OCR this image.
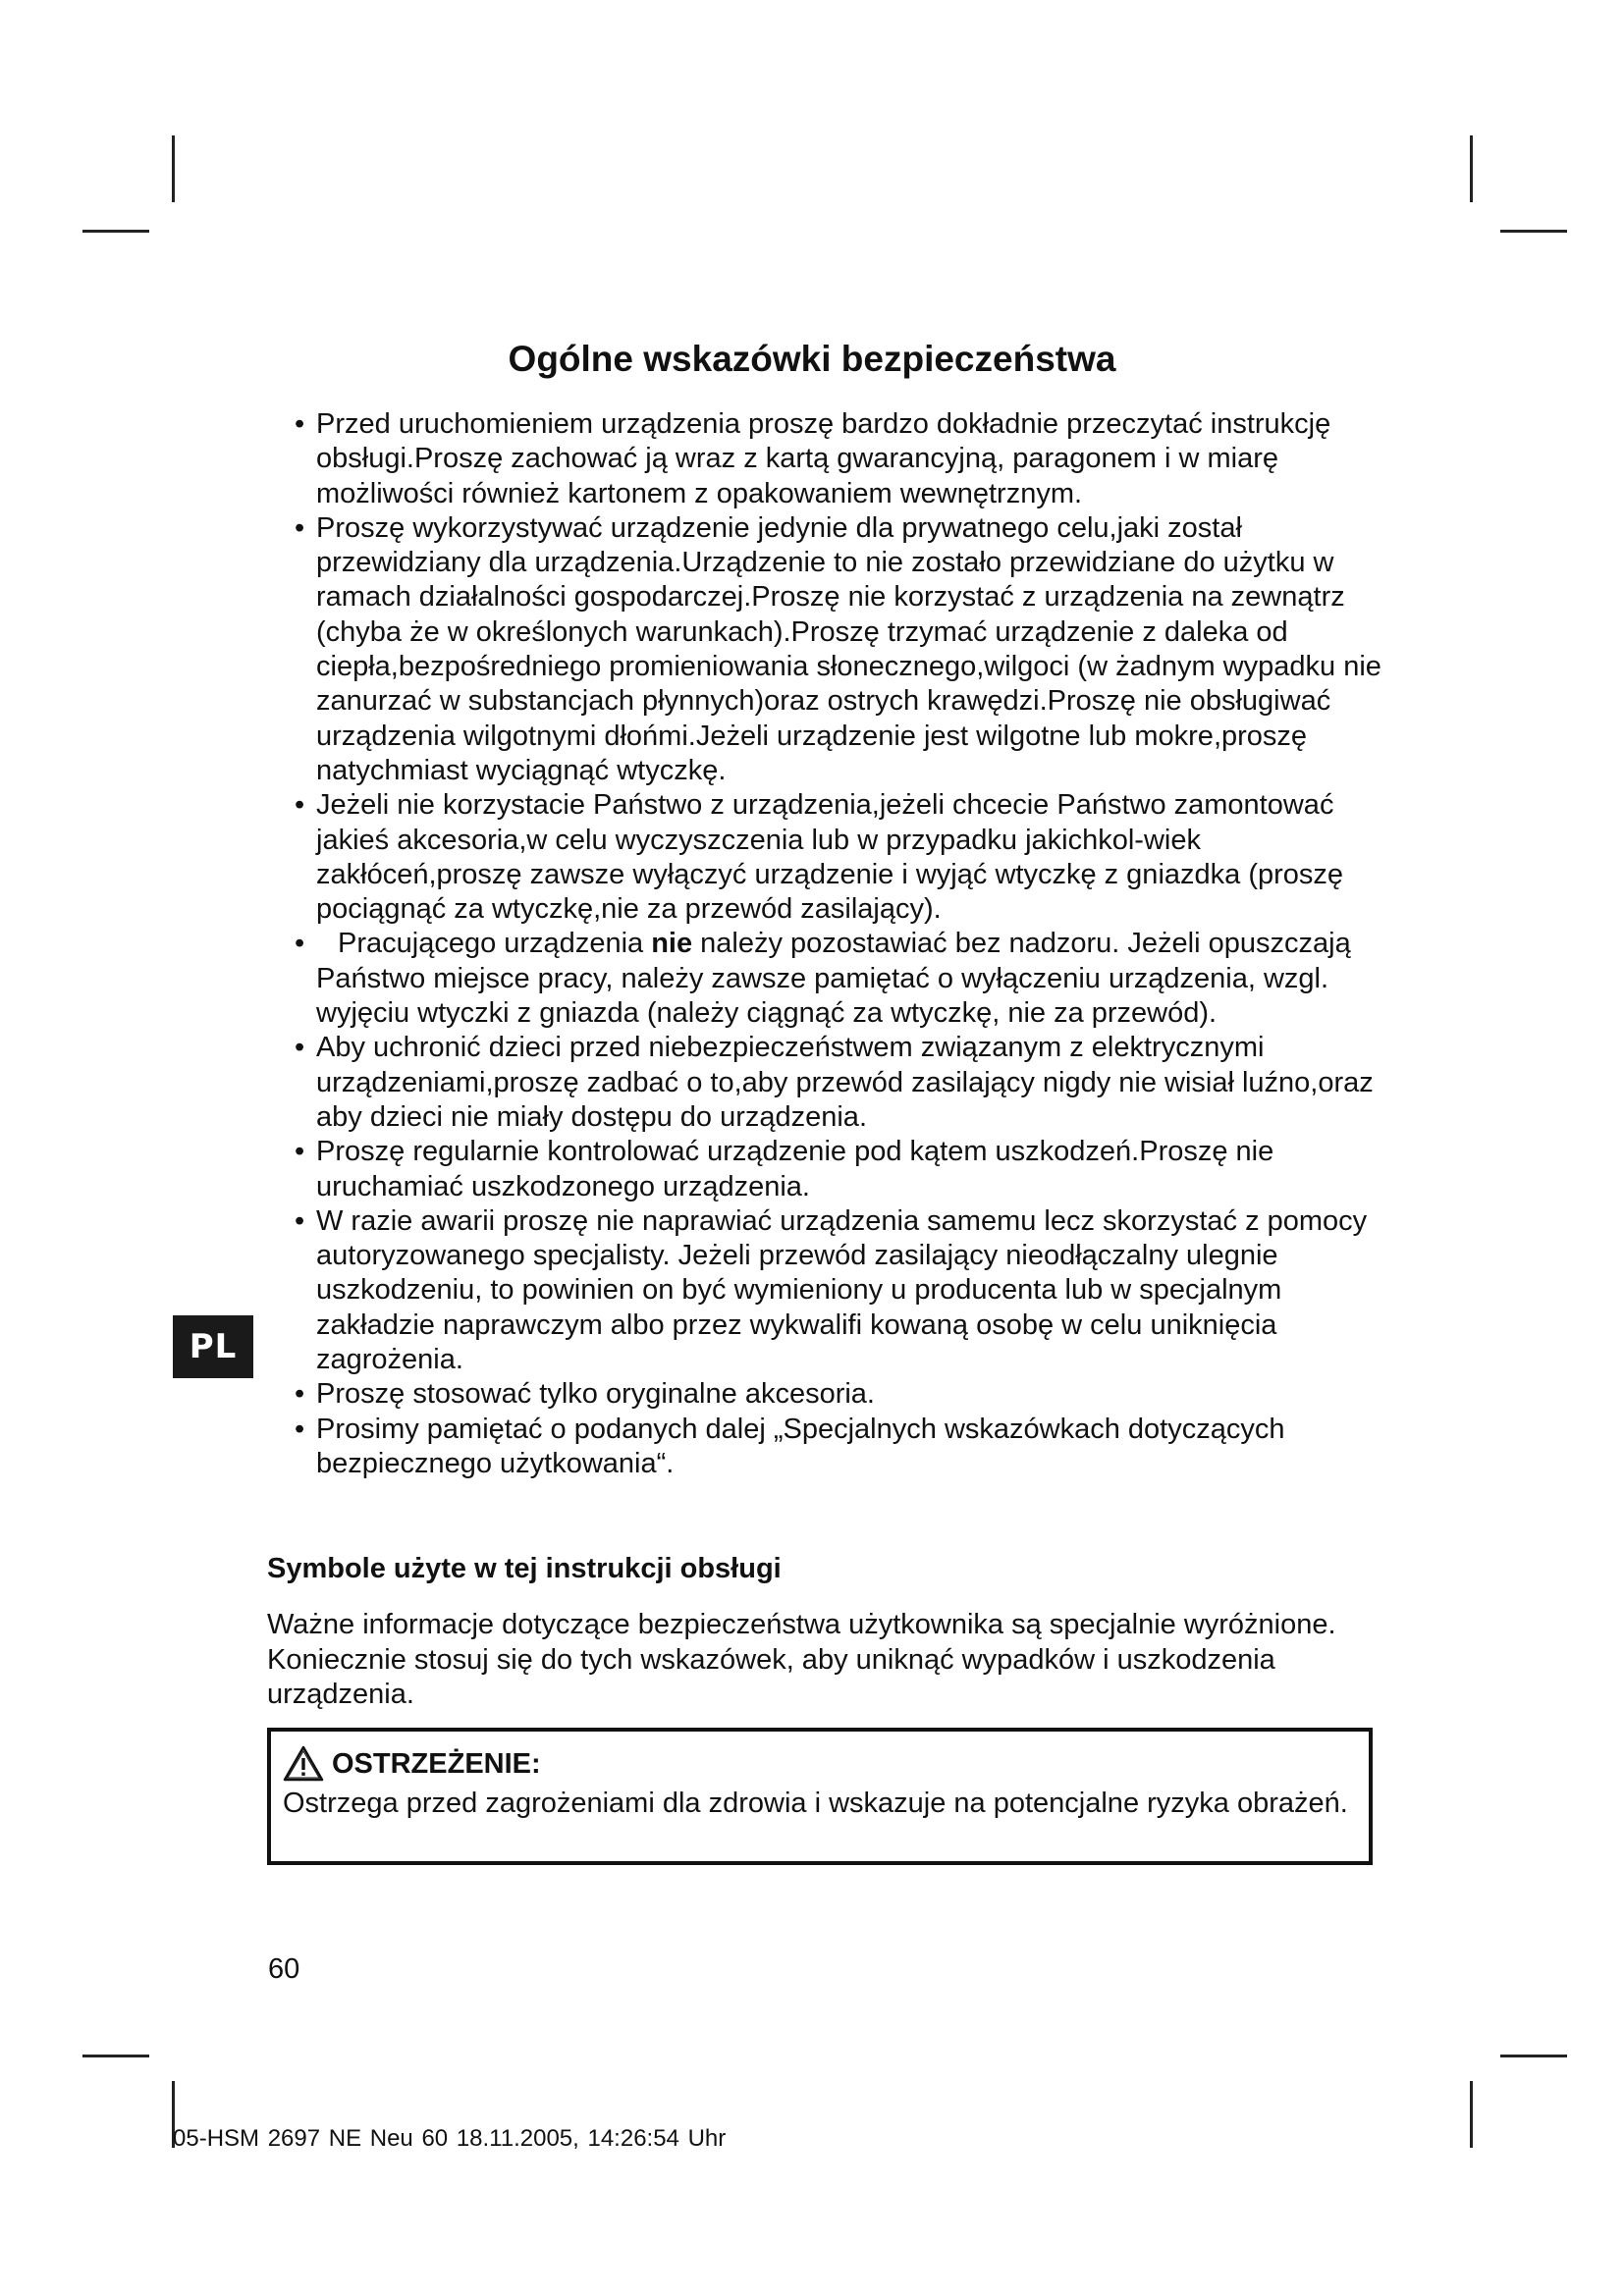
PL
Ogólne wskazówki bezpieczeństwa
• Przed uruchomieniem urządzenia proszę bardzo dokładnie przeczytać instrukcję obsługi.Proszę zachować ją wraz z kartą gwarancyjną, paragonem i w miarę możliwości również kartonem z opakowaniem wewnętrznym.
• Proszę wykorzystywać urządzenie jedynie dla prywatnego celu,jaki został przewidziany dla urządzenia.Urządzenie to nie zostało przewidziane do użytku w ramach działalności gospodarczej.Proszę nie korzystać z urządzenia na zewnątrz (chyba że w określonych warunkach).Proszę trzymać urządzenie z daleka od ciepła,bezpośredniego promieniowania słonecznego,wilgoci (w żadnym wypadku nie zanurzać w substancjach płynnych)oraz ostrych krawędzi.Proszę nie obsługiwać urządzenia wilgotnymi dłońmi.Jeżeli urządzenie jest wilgotne lub mokre,proszę natychmiast wyciągnąć wtyczkę.
• Jeżeli nie korzystacie Państwo z urządzenia,jeżeli chcecie Państwo zamontować jakieś akcesoria,w celu wyczyszczenia lub w przypadku jakichkol-wiek zakłóceń,proszę zawsze wyłączyć urządzenie i wyjąć wtyczkę z gniazdka (proszę pociągnąć za wtyczkę,nie za przewód zasilający).
• Pracującego urządzenia nie należy pozostawiać bez nadzoru. Jeżeli opuszczają Państwo miejsce pracy, należy zawsze pamiętać o wyłączeniu urządzenia, wzgl. wyjęciu wtyczki z gniazda (należy ciągnąć za wtyczkę, nie za przewód).
• Aby uchronić dzieci przed niebezpieczeństwem związanym z elektrycznymi urządzeniami,proszę zadbać o to,aby przewód zasilający nigdy nie wisiał luźno,oraz aby dzieci nie miały dostępu do urządzenia.
• Proszę regularnie kontrolować urządzenie pod kątem uszkodzeń.Proszę nie uruchamiać uszkodzonego urządzenia.
• W razie awarii proszę nie naprawiać urządzenia samemu lecz skorzystać z pomocy autoryzowanego specjalisty. Jeżeli przewód zasilający nieodłączalny ulegnie uszkodzeniu, to powinien on być wymieniony u producenta lub w specjalnym zakładzie naprawczym albo przez wykwalifi kowaną osobę w celu uniknięcia zagrożenia.
• Proszę stosować tylko oryginalne akcesoria.
• Prosimy pamiętać o podanych dalej „Specjalnych wskazówkach dotyczących bezpiecznego użytkowania“.
Symbole użyte w tej instrukcji obsługi

Ważne informacje dotyczące bezpieczeństwa użytkownika są specjalnie wyróżnione. Koniecznie stosuj się do tych wskazówek, aby uniknąć wypadków i uszkodzenia urządzenia.

OSTRZEŻENIE:

Ostrzega przed zagrożeniami dla zdrowia i wskazuje na potencjalne ryzyka obrażeń.

60

05-HSM 2697 NE Neu 60 18.11.2005, 14:26:54 Uhr
